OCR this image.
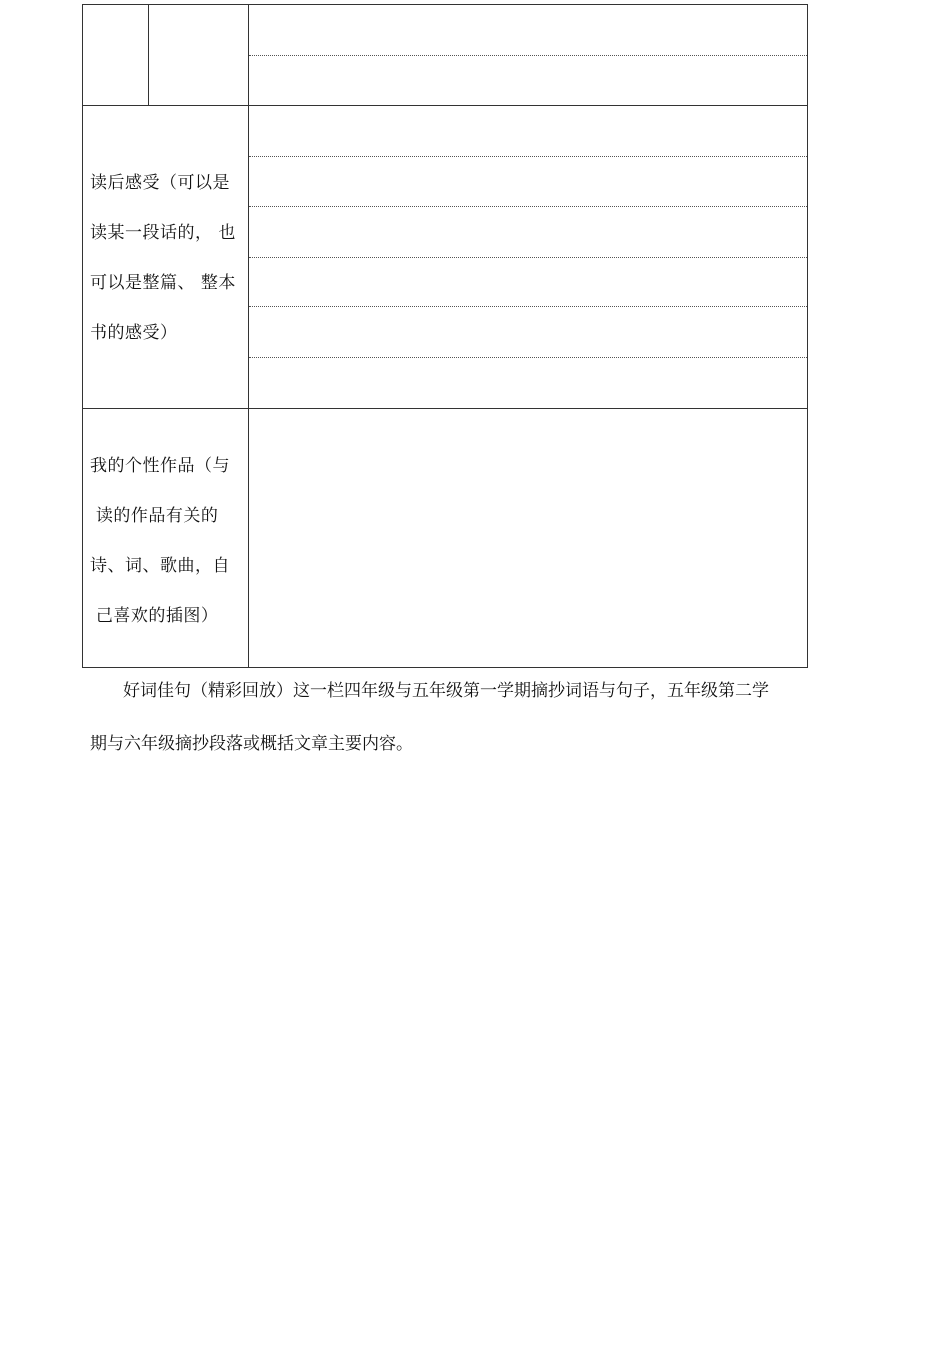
读后感受（可以是
读某一段话的， 也
可以是整篇、 整本
书的感受）
我的个性作品（与
读的作品有关的
诗、词、歌曲，自
己喜欢的插图）
好词佳句（精彩回放）这一栏四年级与五年级第一学期摘抄词语与句子，五年级第二学
期与六年级摘抄段落或概括文章主要内容。
